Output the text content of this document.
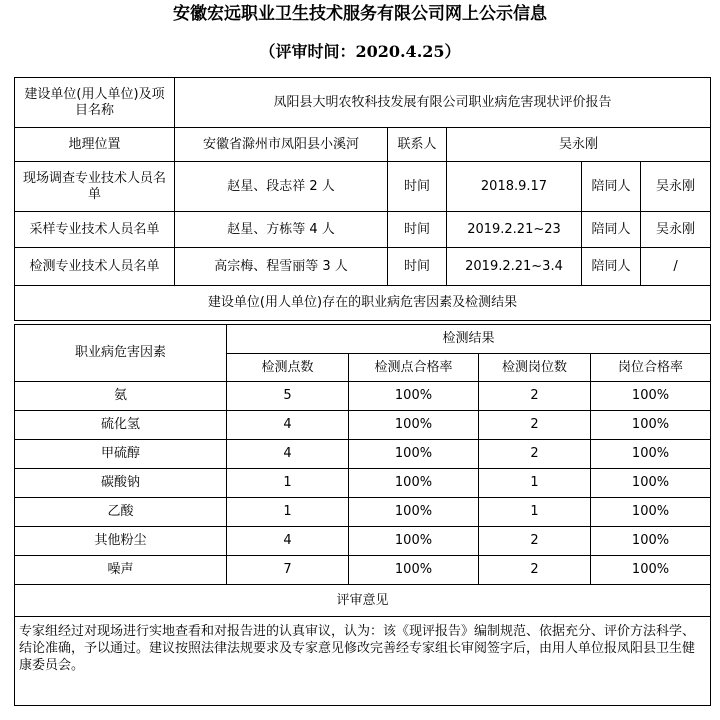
安徽宏远职业卫生技术服务有限公司网上公示信息
（评审时间：2020.4.25）
建设单位(用人单位)及项目名称	凤阳县大明农牧科技发展有限公司职业病危害现状评价报告				
地理位置	安徽省滁州市凤阳县小溪河	联系人	吴永刚		
现场调查专业技术人员名单	赵星、段志祥 2 人	时间	2018.9.17	陪同人	吴永刚
采样专业技术人员名单	赵星、方栋等 4 人	时间	2019.2.21~23	陪同人	吴永刚
检测专业技术人员名单	高宗梅、程雪丽等 3 人	时间	2019.2.21~3.4	陪同人	/
建设单位(用人单位)存在的职业病危害因素及检测结果					
职业病危害因素	检测结果			
	检测点数	检测点合格率	检测岗位数	岗位合格率
氨	5	100%	2	100%
硫化氢	4	100%	2	100%
甲硫醇	4	100%	2	100%
碳酸钠	1	100%	1	100%
乙酸	1	100%	1	100%
其他粉尘	4	100%	2	100%
噪声	7	100%	2	100%
评审意见				
专家组经过对现场进行实地查看和对报告进的认真审议，认为：该《现评报告》编制规范、依据充分、评价方法科学、结论准确，予以通过。建议按照法律法规要求及专家意见修改完善经专家组长审阅签字后，由用人单位报凤阳县卫生健康委员会。				
